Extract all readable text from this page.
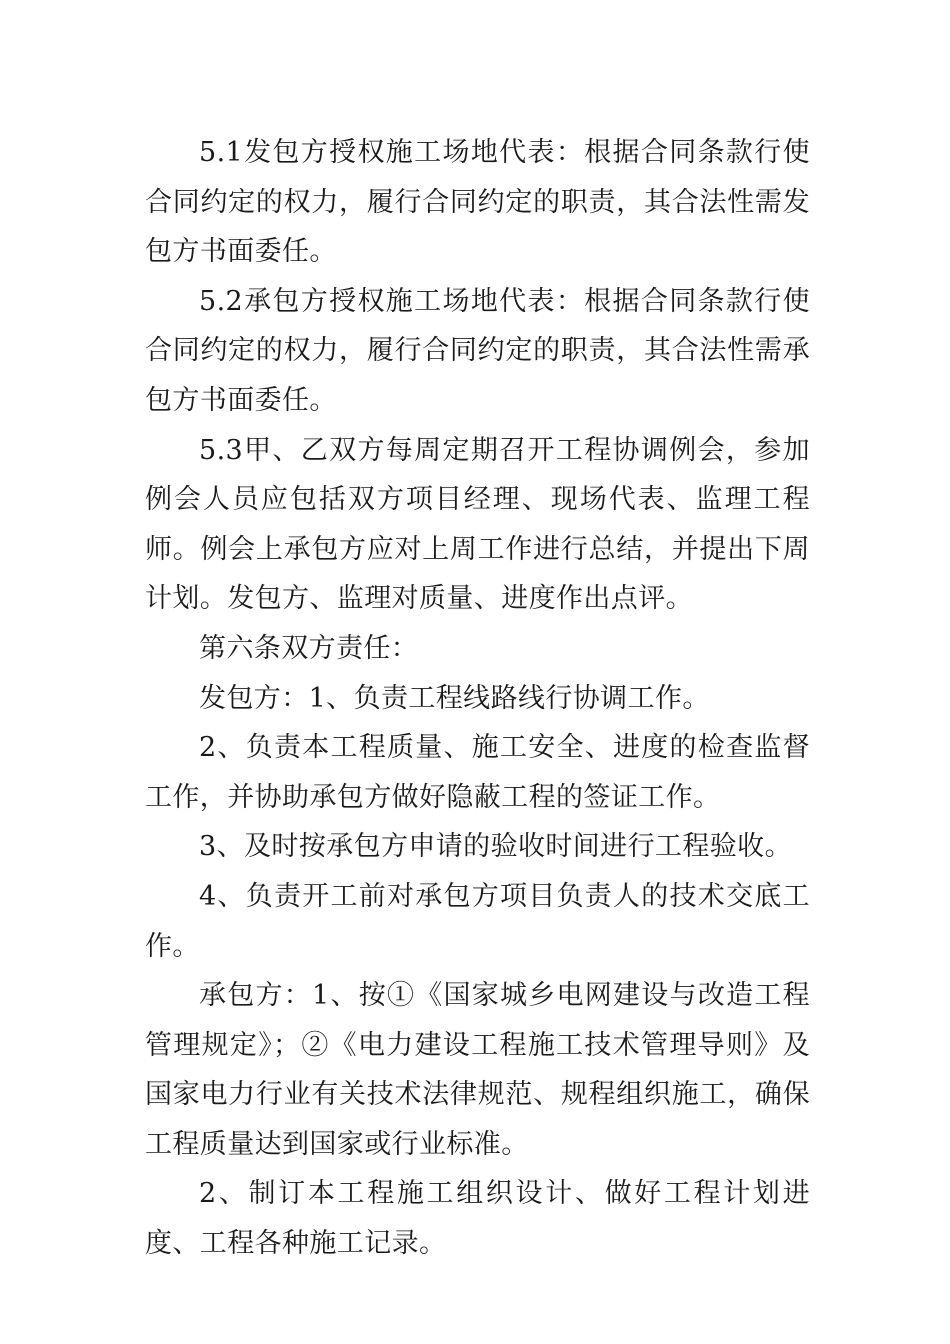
5.1发包方授权施工场地代表：根据合同条款行使合同约定的权力，履行合同约定的职责，其合法性需发包方书面委任。

5.2承包方授权施工场地代表：根据合同条款行使合同约定的权力，履行合同约定的职责，其合法性需承包方书面委任。

5.3甲、乙双方每周定期召开工程协调例会，参加例会人员应包括双方项目经理、现场代表、监理工程师。例会上承包方应对上周工作进行总结，并提出下周计划。发包方、监理对质量、进度作出点评。

第六条双方责任：

发包方：1、负责工程线路线行协调工作。

2、负责本工程质量、施工安全、进度的检查监督工作，并协助承包方做好隐蔽工程的签证工作。

3、及时按承包方申请的验收时间进行工程验收。

4、负责开工前对承包方项目负责人的技术交底工作。

承包方：1、按①《国家城乡电网建设与改造工程管理规定》；②《电力建设工程施工技术管理导则》及国家电力行业有关技术法律规范、规程组织施工，确保工程质量达到国家或行业标准。

2、制订本工程施工组织设计、做好工程计划进度、工程各种施工记录。
